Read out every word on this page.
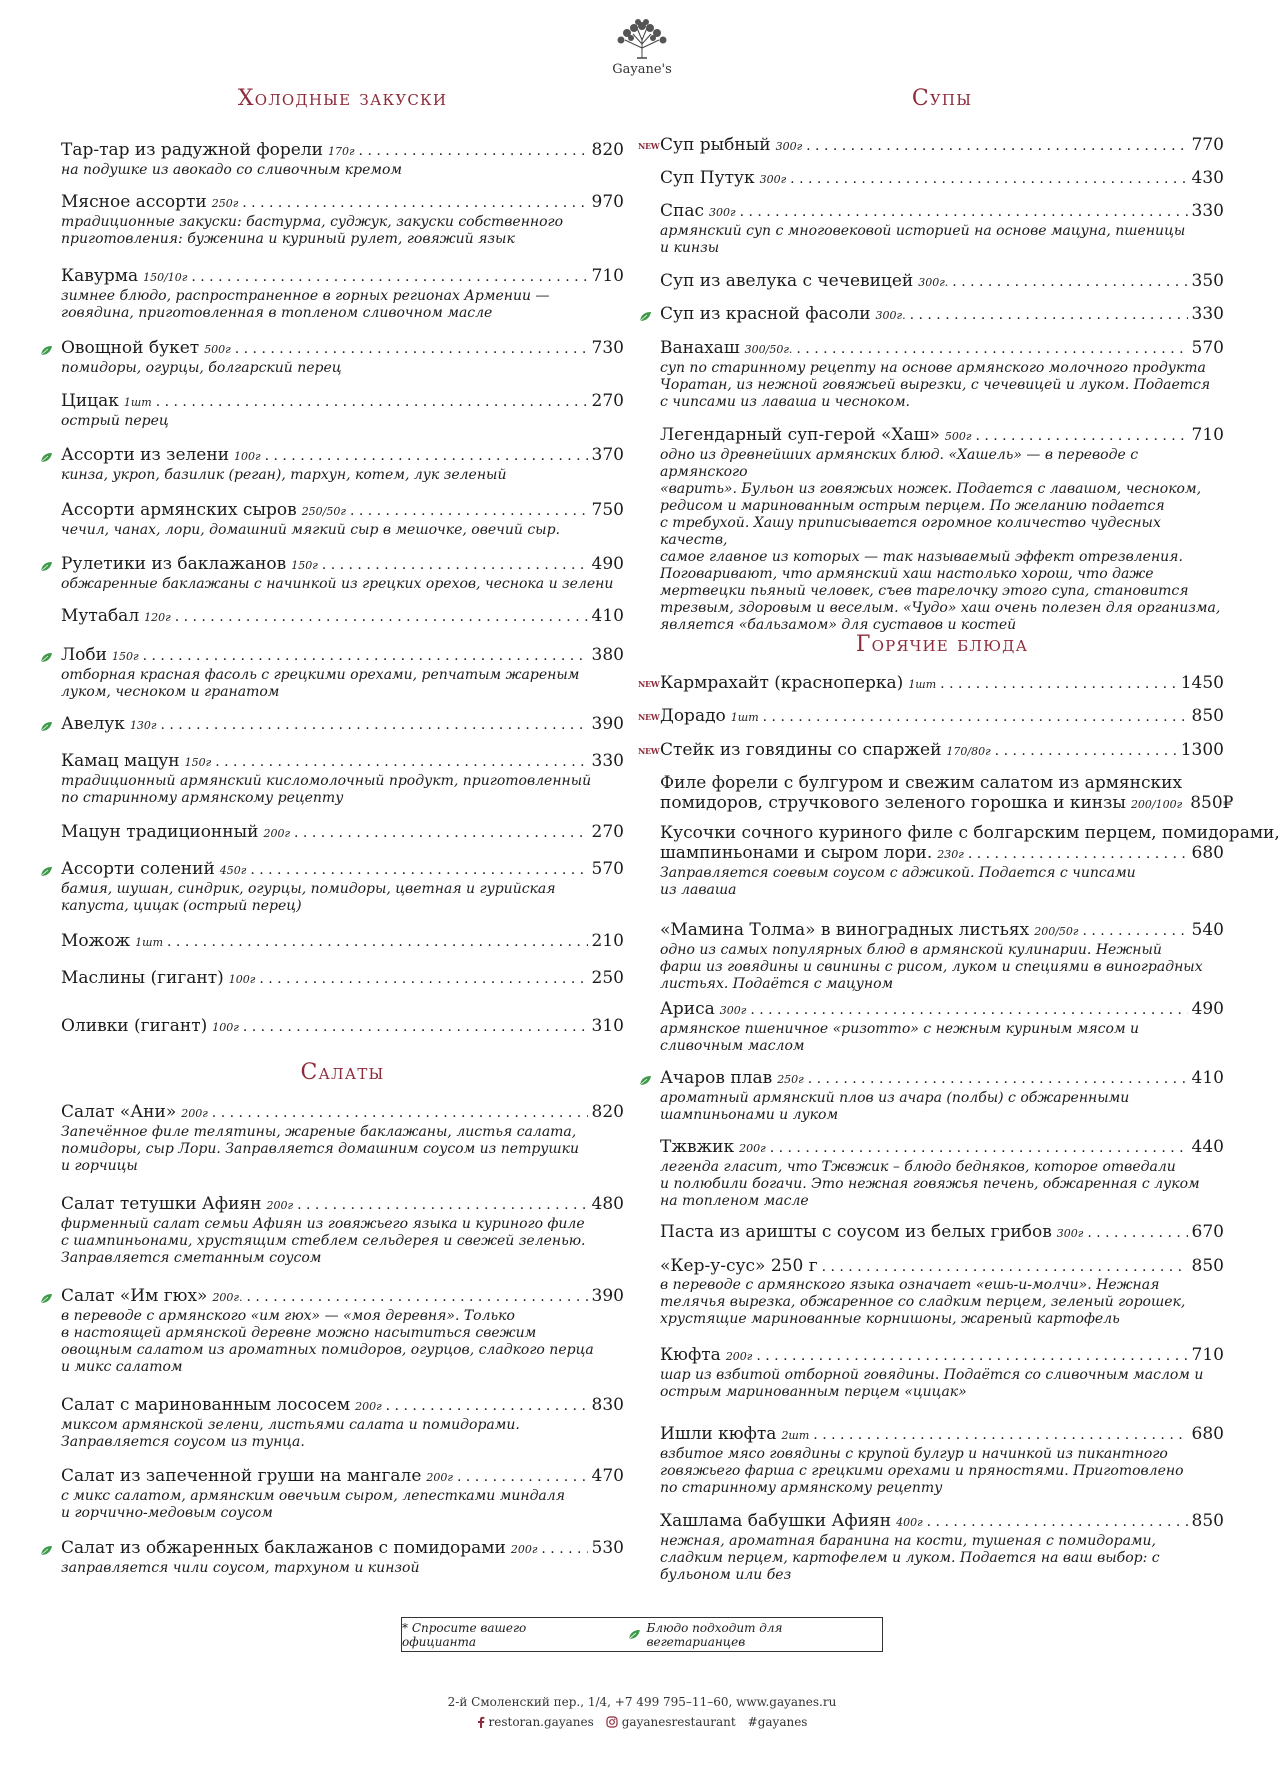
Gayane's
Холодные закуски
Тар-тар из радужной форели 170г . . .	820
на подушке из авокадо со сливочным кремом
Мясное ассорти 250г . . .	970
традиционные закуски: бастурма, суджук, закуски собственного
приготовления: буженина и куриный рулет, говяжий язык
Кавурма 150/10г . . .	710
зимнее блюдо, распространенное в горных регионах Армении —
говядина, приготовленная в топленом сливочном масле
Овощной букет 500г . . .	730
помидоры, огурцы, болгарский перец
Цицак 1шт . . .	270
острый перец
Ассорти из зелени 100г . . .	370
кинза, укроп, базилик (реган), тархун, котем, лук зеленый
Ассорти армянских сыров 250/50г . . .	750
чечил, чанах, лори, домашний мягкий сыр в мешочке, овечий сыр.
Рулетики из баклажанов 150г . . .	490
обжаренные баклажаны с начинкой из грецких орехов, чеснока и зелени
Мутабал 120г . . .	410
Лоби 150г . . .	380
отборная красная фасоль с грецкими орехами, репчатым жареным
луком, чесноком и гранатом
Авелук 130г . . .	390
Камац мацун 150г . . .	330
традиционный армянский кисломолочный продукт, приготовленный
по старинному армянскому рецепту
Мацун традиционный 200г . . .	270
Ассорти солений 450г . . .	570
бамия, шушан, синдрик, огурцы, помидоры, цветная и гурийская
капуста, цицак (острый перец)
Можож 1шт . . .	210
Маслины (гигант) 100г . . .	250
Оливки (гигант) 100г . . .	310
Салаты
Салат «Ани» 200г . . .	820
Запечённое филе телятины, жареные баклажаны, листья салата,
помидоры, сыр Лори. Заправляется домашним соусом из петрушки
и горчицы
Салат тетушки Афиян 200г . . .	480
фирменный салат семьи Афиян из говяжьего языка и куриного филе
с шампиньонами, хрустящим стеблем сельдерея и свежей зеленью.
Заправляется сметанным соусом
Салат «Им гюх» 200г. . . .	390
в переводе с армянского «им гюх» — «моя деревня». Только
в настоящей армянской деревне можно насытиться свежим
овощным салатом из ароматных помидоров, огурцов, сладкого перца
и микс салатом
Салат с маринованным лососем 200г . . .	830
миксом армянской зелени, листьями салата и помидорами.
Заправляется соусом из тунца.
Салат из запеченной груши на мангале 200г . . .	470
с микс салатом, армянским овечьим сыром, лепестками миндаля
и горчично-медовым соусом
Салат из обжаренных баклажанов с помидорами 200г . . .	530
заправляется чили соусом, тархуном и кинзой
Супы
NEW Суп рыбный 300г . . .	770
Суп Путук 300г . . .	430
Спас 300г . . .	330
армянский суп с многовековой историей на основе мацуна, пшеницы
и кинзы
Суп из авелука с чечевицей 300г. . . .	350
Суп из красной фасоли 300г. . . .	330
Ванахаш 300/50г. . . .	570
суп по старинному рецепту на основе армянского молочного продукта
Чоратан, из нежной говяжьей вырезки, с чечевицей и луком. Подается
с чипсами из лаваша и чесноком.
Легендарный суп-герой «Хаш» 500г . . .	710
одно из древнейших армянских блюд. «Хашель» — в переводе с армянского
«варить». Бульон из говяжьих ножек. Подается с лавашом, чесноком,
редисом и маринованным острым перцем. По желанию подается
с требухой. Хашу приписывается огромное количество чудесных качеств,
самое главное из которых — так называемый эффект отрезвления.
Поговаривают, что армянский хаш настолько хорош, что даже
мертвецки пьяный человек, съев тарелочку этого супа, становится
трезвым, здоровым и веселым. «Чудо» хаш очень полезен для организма,
является «бальзамом» для суставов и костей
Горячие блюда
NEW Кармрахайт (красноперка) 1шт . . .	1450
NEW Дорадо 1шт . . .	850
NEW Стейк из говядины со спаржей 170/80г . . .	1300
Филе форели с булгуром и свежим салатом из армянских
помидоров, стручкового зеленого горошка и кинзы 200/100г 850₽
Кусочки сочного куриного филе с болгарским перцем, помидорами,
шампиньонами и сыром лори. 230г . . .	680
Заправляется соевым соусом с аджикой. Подается с чипсами
из лаваша
«Мамина Толма» в виноградных листьях 200/50г . . .	540
одно из самых популярных блюд в армянской кулинарии. Нежный
фарш из говядины и свинины с рисом, луком и специями в виноградных
листьях. Подаётся с мацуном
Ариса 300г . . .	490
армянское пшеничное «ризотто» с нежным куриным мясом и
сливочным маслом
Ачаров плав 250г . . .	410
ароматный армянский плов из ачара (полбы) с обжаренными
шампиньонами и луком
Тжвжик 200г . . .	440
легенда гласит, что Тжвжик – блюдо бедняков, которое отведали
и полюбили богачи. Это нежная говяжья печень, обжаренная с луком
на топленом масле
Паста из аришты с соусом из белых грибов 300г . . .	670
«Кер-у-сус» 250 г . . .	850
в переводе с армянского языка означает «ешь-и-молчи». Нежная
телячья вырезка, обжаренное со сладким перцем, зеленый горошек,
хрустящие маринованные корнишоны, жареный картофель
Кюфта 200г . . .	710
шар из взбитой отборной говядины. Подаётся со сливочным маслом и
острым маринованным перцем «цицак»
Ишли кюфта 2шт . . .	680
взбитое мясо говядины с крупой булгур и начинкой из пикантного
говяжьего фарша с грецкими орехами и пряностями. Приготовлено
по старинному армянскому рецепту
Хашлама бабушки Афиян 400г . . .	850
нежная, ароматная баранина на кости, тушеная с помидорами,
сладким перцем, картофелем и луком. Подается на ваш выбор: с
бульоном или без
* Спросите вашего официанта
Блюдо подходит для вегетарианцев
2-й Смоленский пер., 1/4, +7 499 795–11–60, www.gayanes.ru
restoran.gayanes gayanesrestaurant #gayanes
